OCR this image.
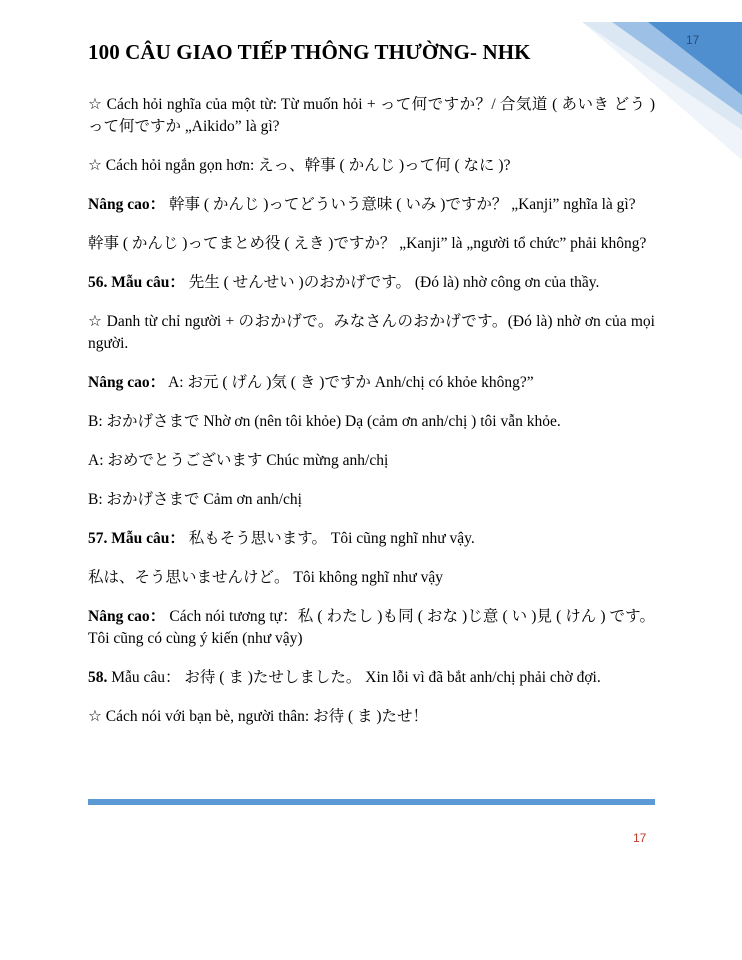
17
100 CÂU GIAO TIẾP THÔNG THƯỜNG- NHK

☆ Cách hỏi nghĩa của một từ: Từ muốn hỏi + って何ですか？/ 合気道 ( あいき どう )って何ですか „Aikido” là gì?

☆ Cách hỏi ngắn gọn hơn: えっ、幹事 ( かんじ )って何 ( なに )?

Nâng cao： 幹事 ( かんじ )ってどういう意味 ( いみ )ですか？ „Kanji” nghĩa là gì?

幹事 ( かんじ )ってまとめ役 ( えき )ですか？ „Kanji” là „người tổ chức” phải không?

56. Mẫu câu： 先生 ( せんせい )のおかげです。 (Đó là) nhờ công ơn của thầy.

☆ Danh từ chỉ người + のおかげで。みなさんのおかげです。(Đó là) nhờ ơn của mọi người.

Nâng cao： A: お元 ( げん )気 ( き )ですか Anh/chị có khỏe không?”

B: おかげさまで Nhờ ơn (nên tôi khỏe) Dạ (cảm ơn anh/chị ) tôi vẫn khỏe.

A: おめでとうございます Chúc mừng anh/chị

B: おかげさまで Cảm ơn anh/chị

57. Mẫu câu： 私もそう思います。 Tôi cũng nghĩ như vậy.

私は、そう思いませんけど。 Tôi không nghĩ như vậy

Nâng cao： Cách nói tương tự：私 ( わたし )も同 ( おな )じ意 ( い )見 ( けん ) です。 Tôi cũng có cùng ý kiến (như vậy)

58. Mẫu câu： お待 ( ま )たせしました。 Xin lỗi vì đã bắt anh/chị phải chờ đợi.

☆ Cách nói với bạn bè, người thân: お待 ( ま )たせ！

17
